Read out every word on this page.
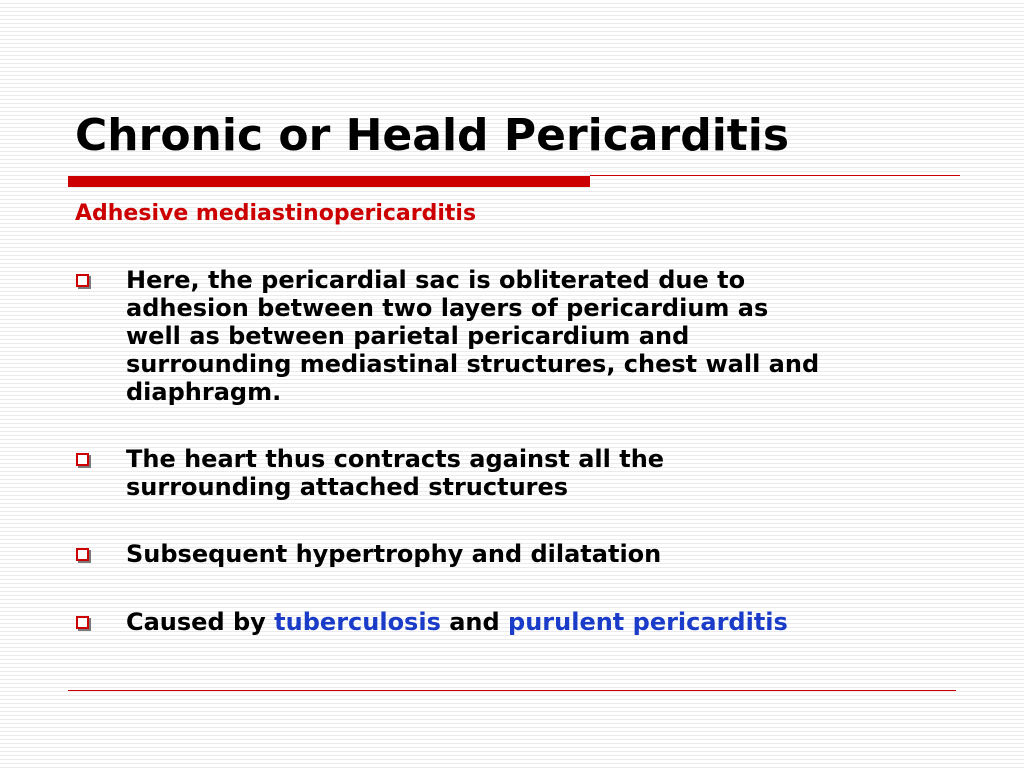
Chronic or Heald Pericarditis
Adhesive mediastinopericarditis
Here, the pericardial sac is obliterated due to
adhesion between two layers of pericardium as
well as between parietal pericardium and
surrounding mediastinal structures, chest wall and
diaphragm.
The heart thus contracts against all the
surrounding attached structures
Subsequent hypertrophy and dilatation
Caused by tuberculosis and purulent pericarditis
